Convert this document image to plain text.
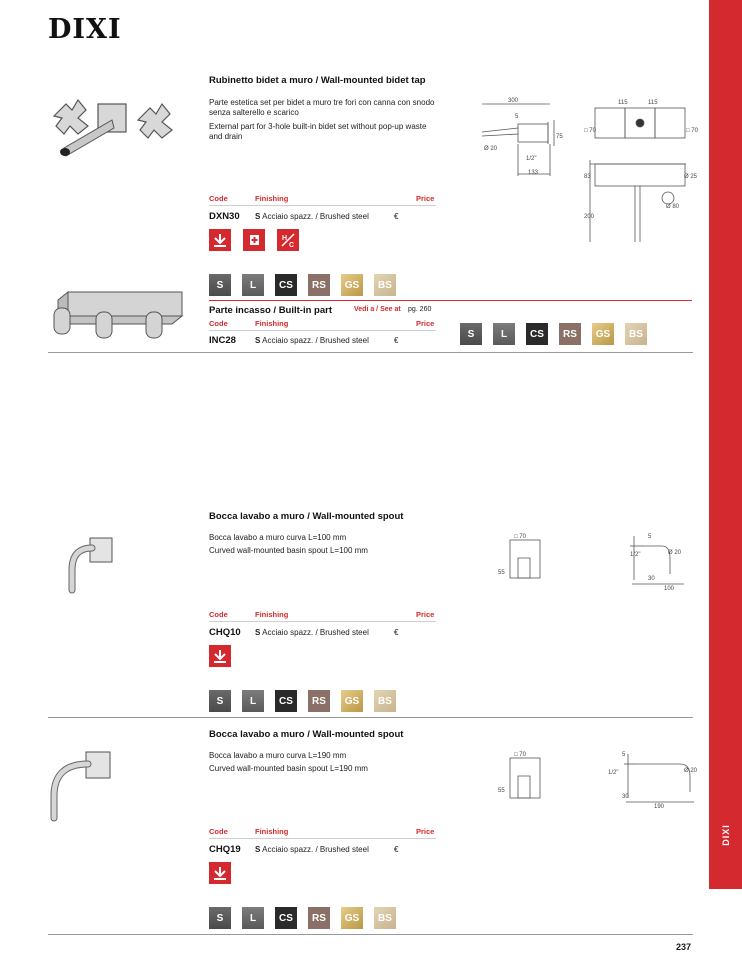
DIXI
DIXI
237
Rubinetto bidet a muro / Wall-mounted bidet tap
Parte estetica set per bidet a muro tre fori con canna con snodo senza salterello e scarico
External part for 3-hole built-in bidet set without pop-up waste and drain
300
5
Ø 20
1/2"
133
75
115	115
□ 70	□ 70
83
200
Ø 80
Ø 25
Code	Finishing	Price
DXN30 S Acciaio spazz. / Brushed steel	€
H
C
S	L	CS	RS	GS	BS
Parte incasso / Built-in part	Vedi a / See at pg. 260
Code	Finishing	Price
INC28 S Acciaio spazz. / Brushed steel	€
S	L	CS	RS	GS	BS
Bocca lavabo a muro / Wall-mounted spout
Bocca lavabo a muro curva L=100 mm
Curved wall-mounted basin spout L=100 mm
□ 70
55
5
1/2"	Ø 20
30
100
Code	Finishing	Price
CHQ10 S Acciaio spazz. / Brushed steel	€
S	L	CS	RS	GS	BS
Bocca lavabo a muro / Wall-mounted spout
Bocca lavabo a muro curva L=190 mm
Curved wall-mounted basin spout L=190 mm
□ 70
55
5
1/2"	Ø 20
30
190
Code	Finishing	Price
CHQ19 S Acciaio spazz. / Brushed steel	€
S	L	CS	RS	GS	BS
